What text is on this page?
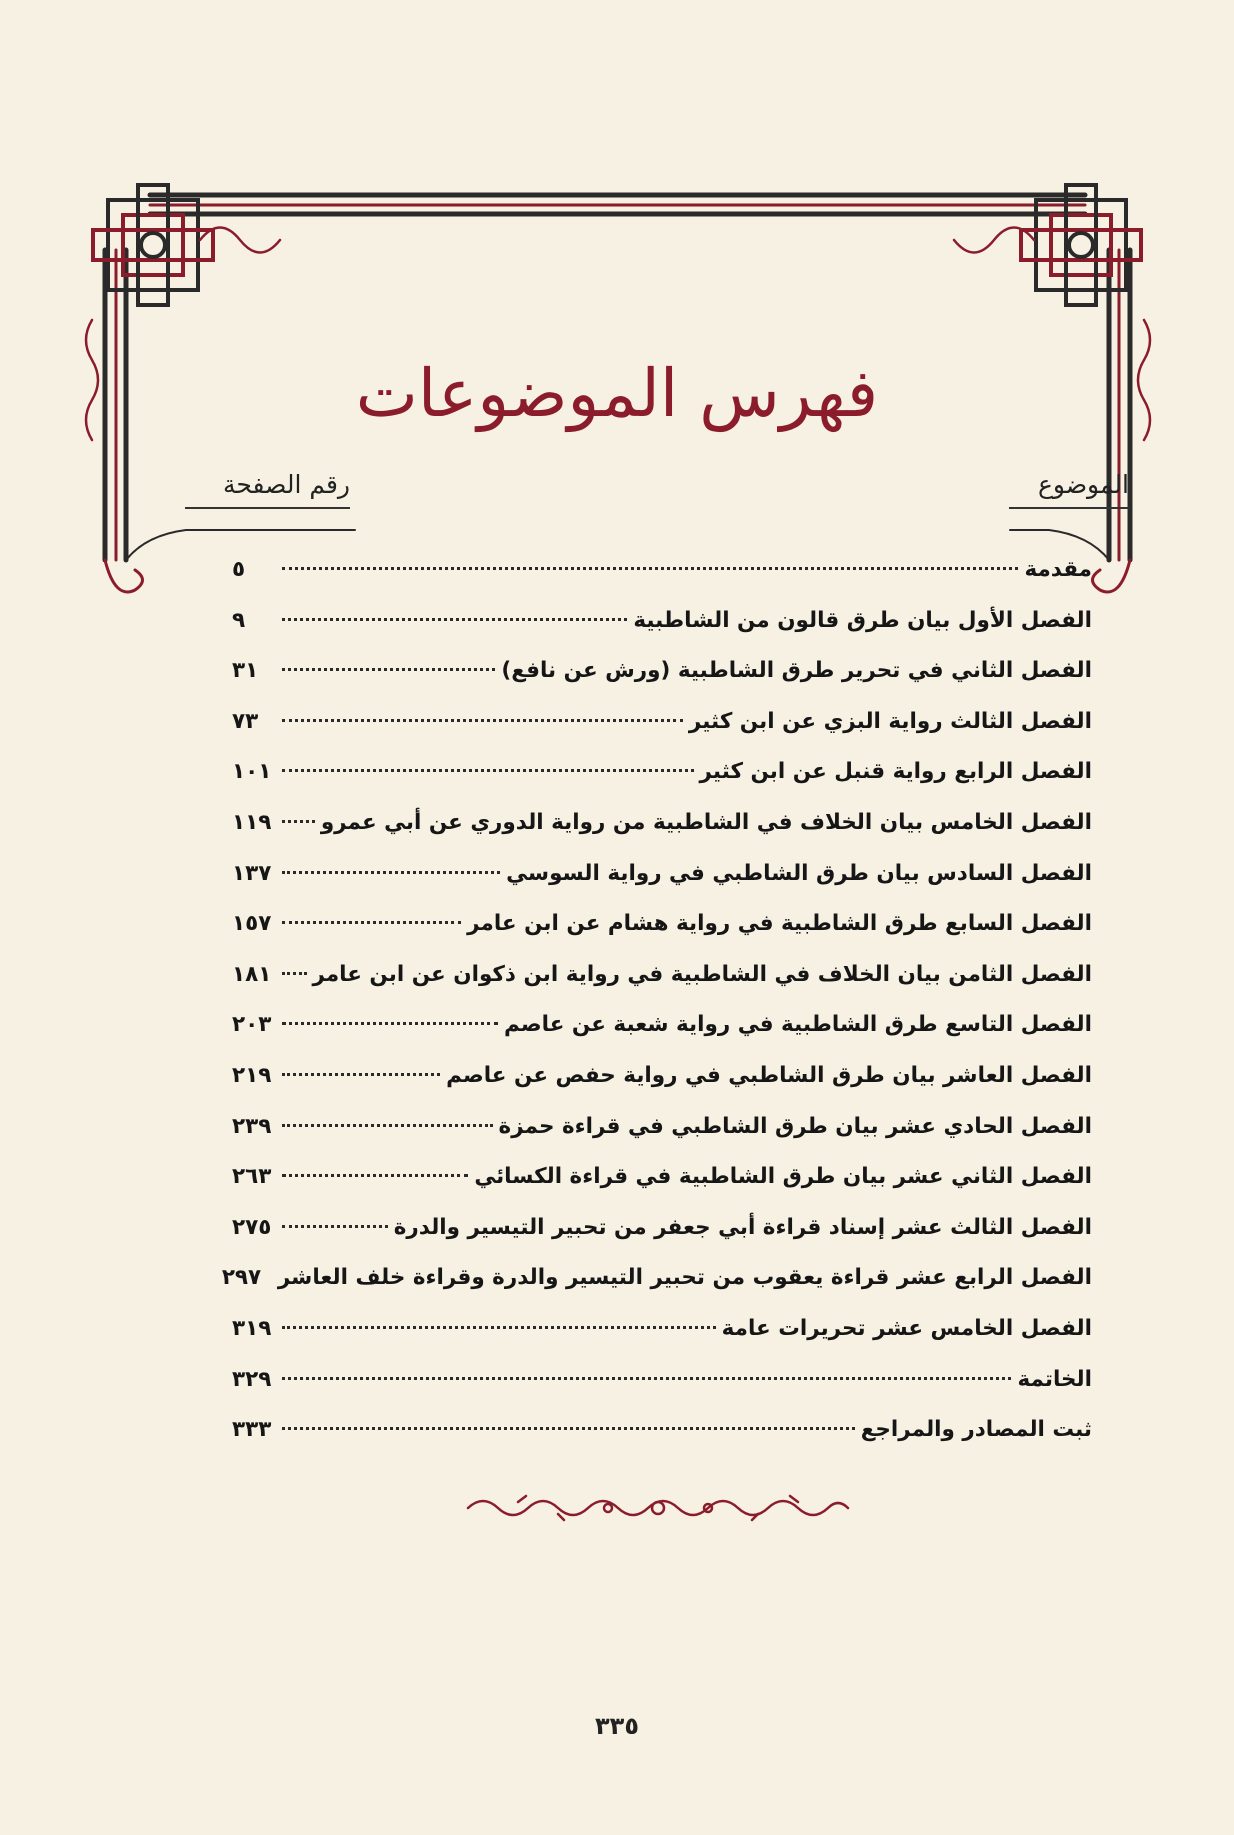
فهرس الموضوعات
الموضوع
رقم الصفحة
مقدمة
٥
الفصل الأول بيان طرق قالون من الشاطبية
٩
الفصل الثاني في تحرير طرق الشاطبية (ورش عن نافع)
٣١
الفصل الثالث رواية البزي عن ابن كثير
٧٣
الفصل الرابع رواية قنبل عن ابن كثير
١٠١
الفصل الخامس بيان الخلاف في الشاطبية من رواية الدوري عن أبي عمرو
١١٩
الفصل السادس بيان طرق الشاطبي في رواية السوسي
١٣٧
الفصل السابع طرق الشاطبية في رواية هشام عن ابن عامر
١٥٧
الفصل الثامن بيان الخلاف في الشاطبية في رواية ابن ذكوان عن ابن عامر
١٨١
الفصل التاسع طرق الشاطبية في رواية شعبة عن عاصم
٢٠٣
الفصل العاشر بيان طرق الشاطبي في رواية حفص عن عاصم
٢١٩
الفصل الحادي عشر بيان طرق الشاطبي في قراءة حمزة
٢٣٩
الفصل الثاني عشر بيان طرق الشاطبية في قراءة الكسائي
٢٦٣
الفصل الثالث عشر إسناد قراءة أبي جعفر من تحبير التيسير والدرة
٢٧٥
الفصل الرابع عشر قراءة يعقوب من تحبير التيسير والدرة وقراءة خلف العاشر
٢٩٧
الفصل الخامس عشر تحريرات عامة
٣١٩
الخاتمة
٣٢٩
ثبت المصادر والمراجع
٣٣٣
٣٣٥
